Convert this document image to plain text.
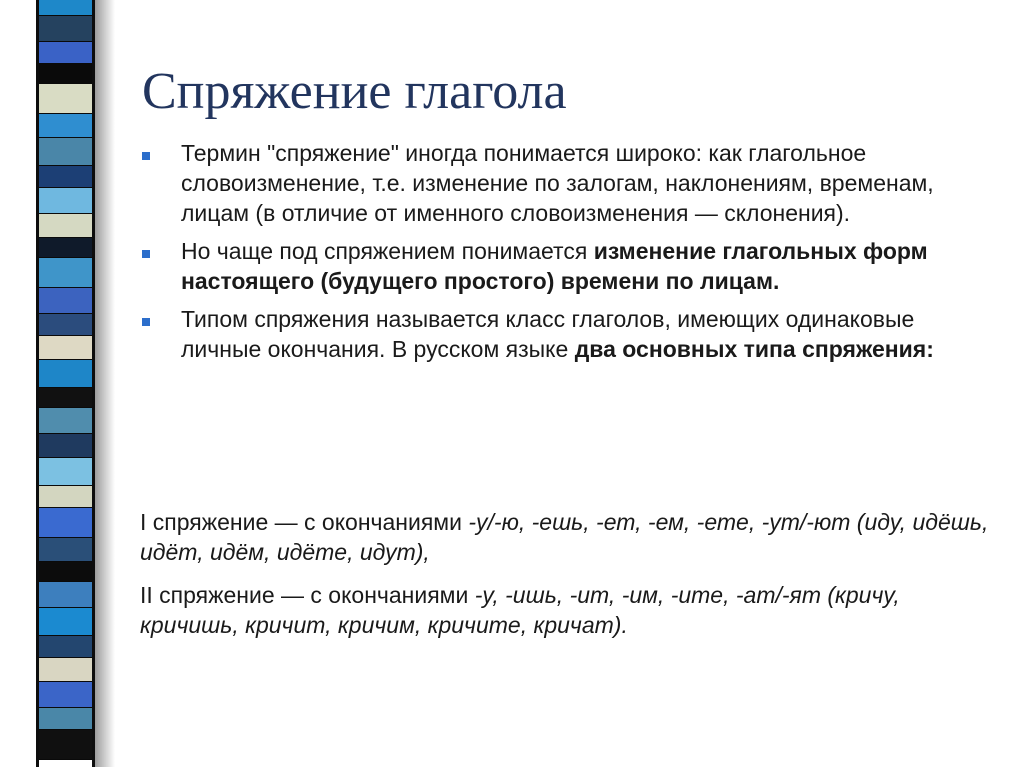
Спряжение глагола
Термин "спряжение" иногда понимается широко: как глагольное словоизменение, т.е. изменение по залогам, наклонениям, временам, лицам (в отличие от именного словоизменения — склонения).
Но чаще под спряжением понимается изменение глагольных форм настоящего (будущего простого) времени по лицам.
Типом спряжения называется класс глаголов, имеющих одинаковые личные окончания. В русском языке два основных типа спряжения:

I спряжение — с окончаниями -у/-ю, -ешь, -ет, -ем, -ете, -ут/-ют (иду, идёшь, идёт, идём, идёте, идут),

II спряжение — с окончаниями -у, -ишь, -ит, -им, -ите, -ат/-ят (кричу, кричишь, кричит, кричим, кричите, кричат).
